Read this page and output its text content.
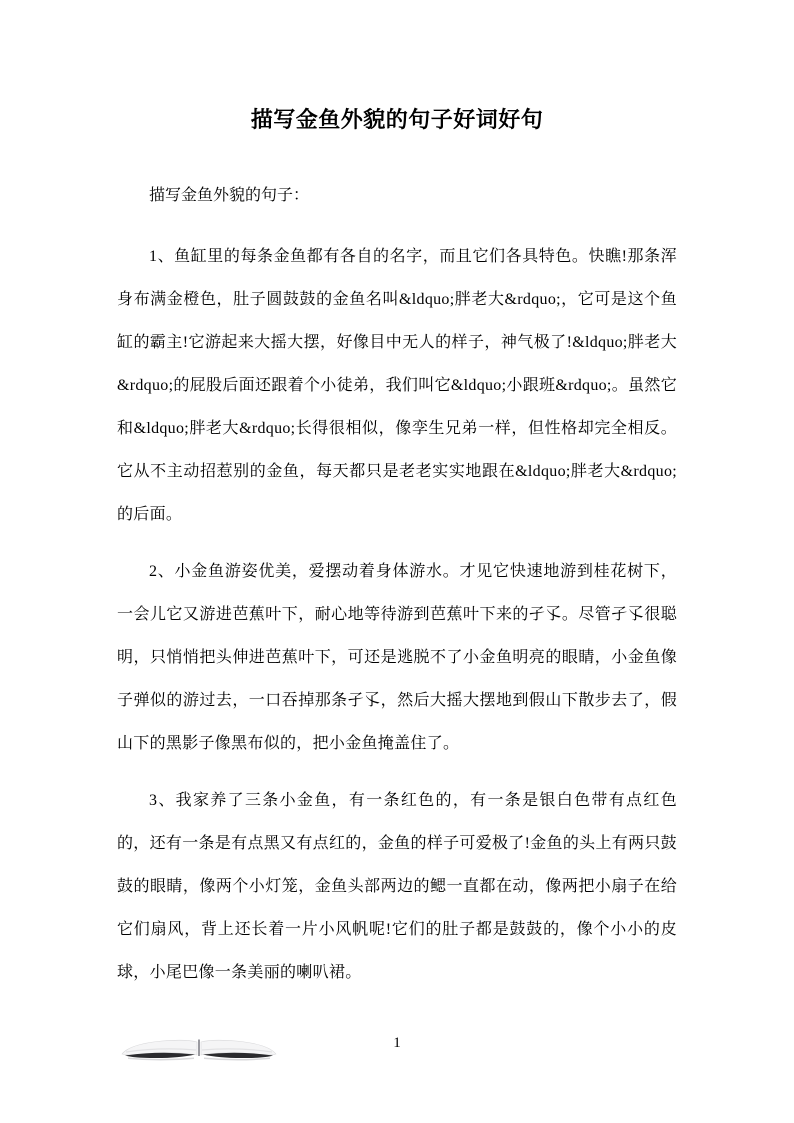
描写金鱼外貌的句子好词好句

描写金鱼外貌的句子：

1、鱼缸里的每条金鱼都有各自的名字，而且它们各具特色。快瞧!那条浑身布满金橙色，肚子圆鼓鼓的金鱼名叫&ldquo;胖老大&rdquo;，它可是这个鱼缸的霸主!它游起来大摇大摆，好像目中无人的样子，神气极了!&ldquo;胖老大&rdquo;的屁股后面还跟着个小徒弟，我们叫它&ldquo;小跟班&rdquo;。虽然它和&ldquo;胖老大&rdquo;长得很相似，像孪生兄弟一样，但性格却完全相反。它从不主动招惹别的金鱼，每天都只是老老实实地跟在&ldquo;胖老大&rdquo;的后面。

2、小金鱼游姿优美，爱摆动着身体游水。才见它快速地游到桂花树下，一会儿它又游进芭蕉叶下，耐心地等待游到芭蕉叶下来的孑孓。尽管孑孓很聪明，只悄悄把头伸进芭蕉叶下，可还是逃脱不了小金鱼明亮的眼睛，小金鱼像子弹似的游过去，一口吞掉那条孑孓，然后大摇大摆地到假山下散步去了，假山下的黑影子像黑布似的，把小金鱼掩盖住了。

3、我家养了三条小金鱼，有一条红色的，有一条是银白色带有点红色的，还有一条是有点黑又有点红的，金鱼的样子可爱极了!金鱼的头上有两只鼓鼓的眼睛，像两个小灯笼，金鱼头部两边的鳃一直都在动，像两把小扇子在给它们扇风，背上还长着一片小风帆呢!它们的肚子都是鼓鼓的，像个小小的皮球，小尾巴像一条美丽的喇叭裙。

1
